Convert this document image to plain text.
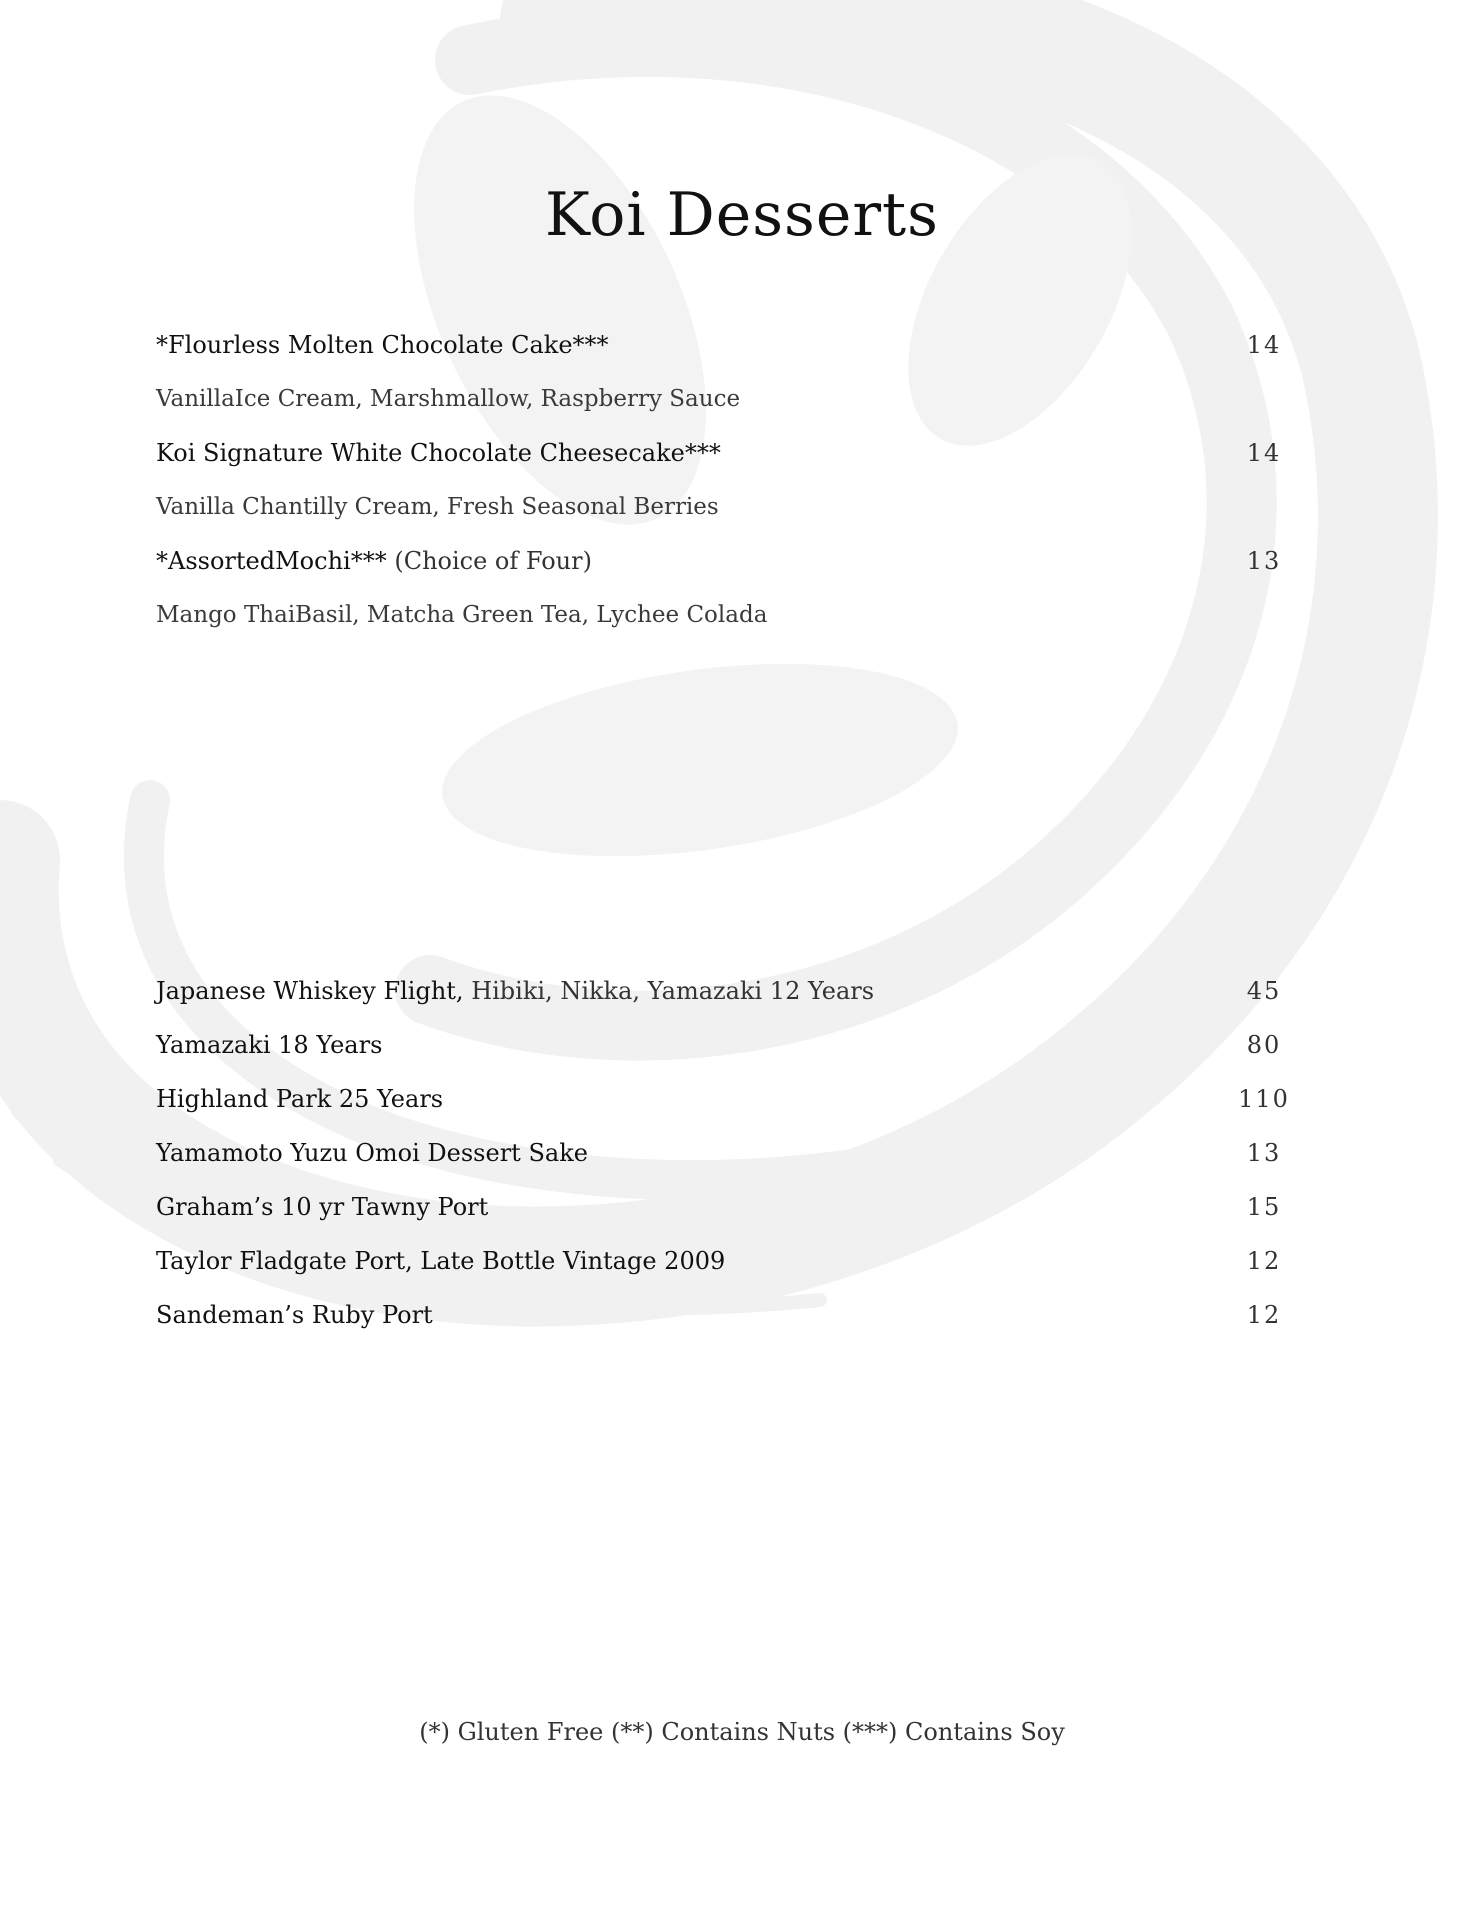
Koi Desserts
*Flourless Molten Chocolate Cake***	14
VanillaIce Cream, Marshmallow, Raspberry Sauce
Koi Signature White Chocolate Cheesecake***	14
Vanilla Chantilly Cream, Fresh Seasonal Berries
*AssortedMochi*** (Choice of Four)	13
Mango ThaiBasil, Matcha Green Tea, Lychee Colada
Japanese Whiskey Flight, Hibiki, Nikka, Yamazaki 12 Years	45
Yamazaki 18 Years	80
Highland Park 25 Years	110
Yamamoto Yuzu Omoi Dessert Sake	13
Graham’s 10 yr Tawny Port	15
Taylor Fladgate Port, Late Bottle Vintage 2009	12
Sandeman’s Ruby Port	12
(*) Gluten Free (**) Contains Nuts (***) Contains Soy
